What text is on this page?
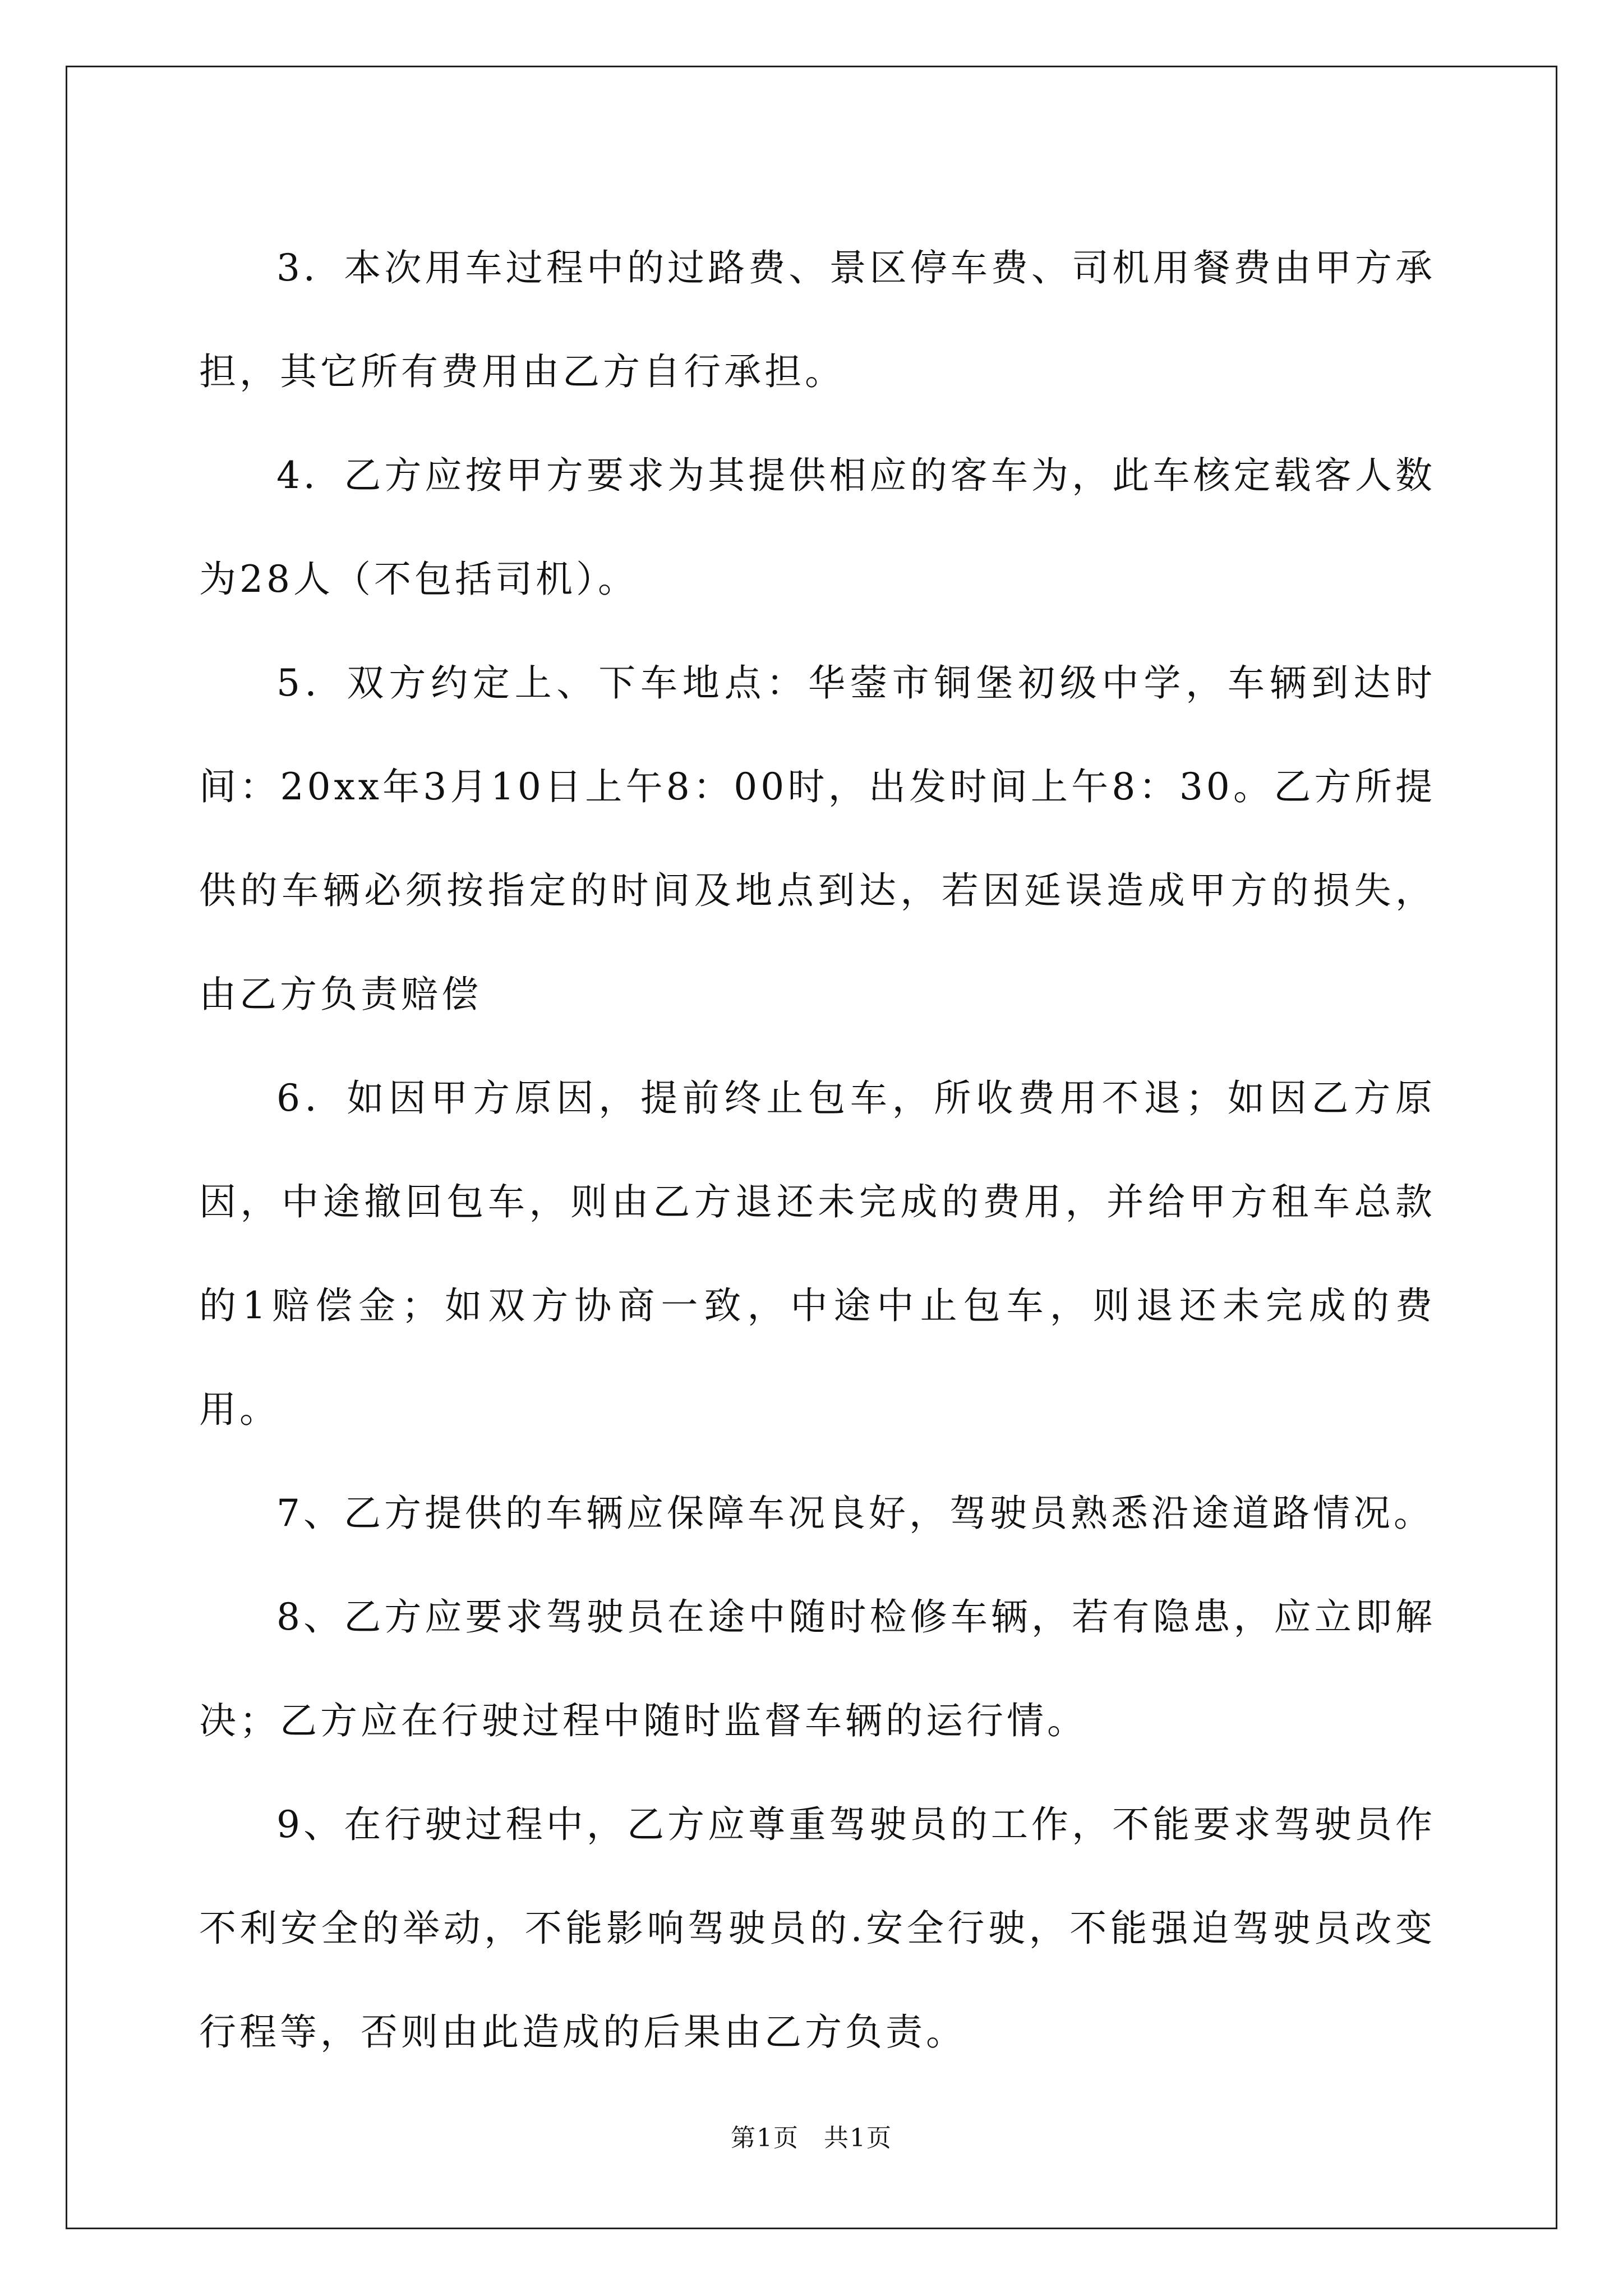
3．本次用车过程中的过路费、景区停车费、司机用餐费由甲方承担，其它所有费用由乙方自行承担。

4．乙方应按甲方要求为其提供相应的客车为，此车核定载客人数为28人（不包括司机）。

5．双方约定上、下车地点：华蓥市铜堡初级中学，车辆到达时间：20xx年3月10日上午8：00时，出发时间上午8：30。乙方所提供的车辆必须按指定的时间及地点到达，若因延误造成甲方的损失，由乙方负责赔偿

6．如因甲方原因，提前终止包车，所收费用不退；如因乙方原因，中途撤回包车，则由乙方退还未完成的费用，并给甲方租车总款的1赔偿金；如双方协商一致，中途中止包车，则退还未完成的费用。

7、乙方提供的车辆应保障车况良好，驾驶员熟悉沿途道路情况。

8、乙方应要求驾驶员在途中随时检修车辆，若有隐患，应立即解决；乙方应在行驶过程中随时监督车辆的运行情。

9、在行驶过程中，乙方应尊重驾驶员的工作，不能要求驾驶员作不利安全的举动，不能影响驾驶员的.安全行驶，不能强迫驾驶员改变行程等，否则由此造成的后果由乙方负责。

第1页 共1页
